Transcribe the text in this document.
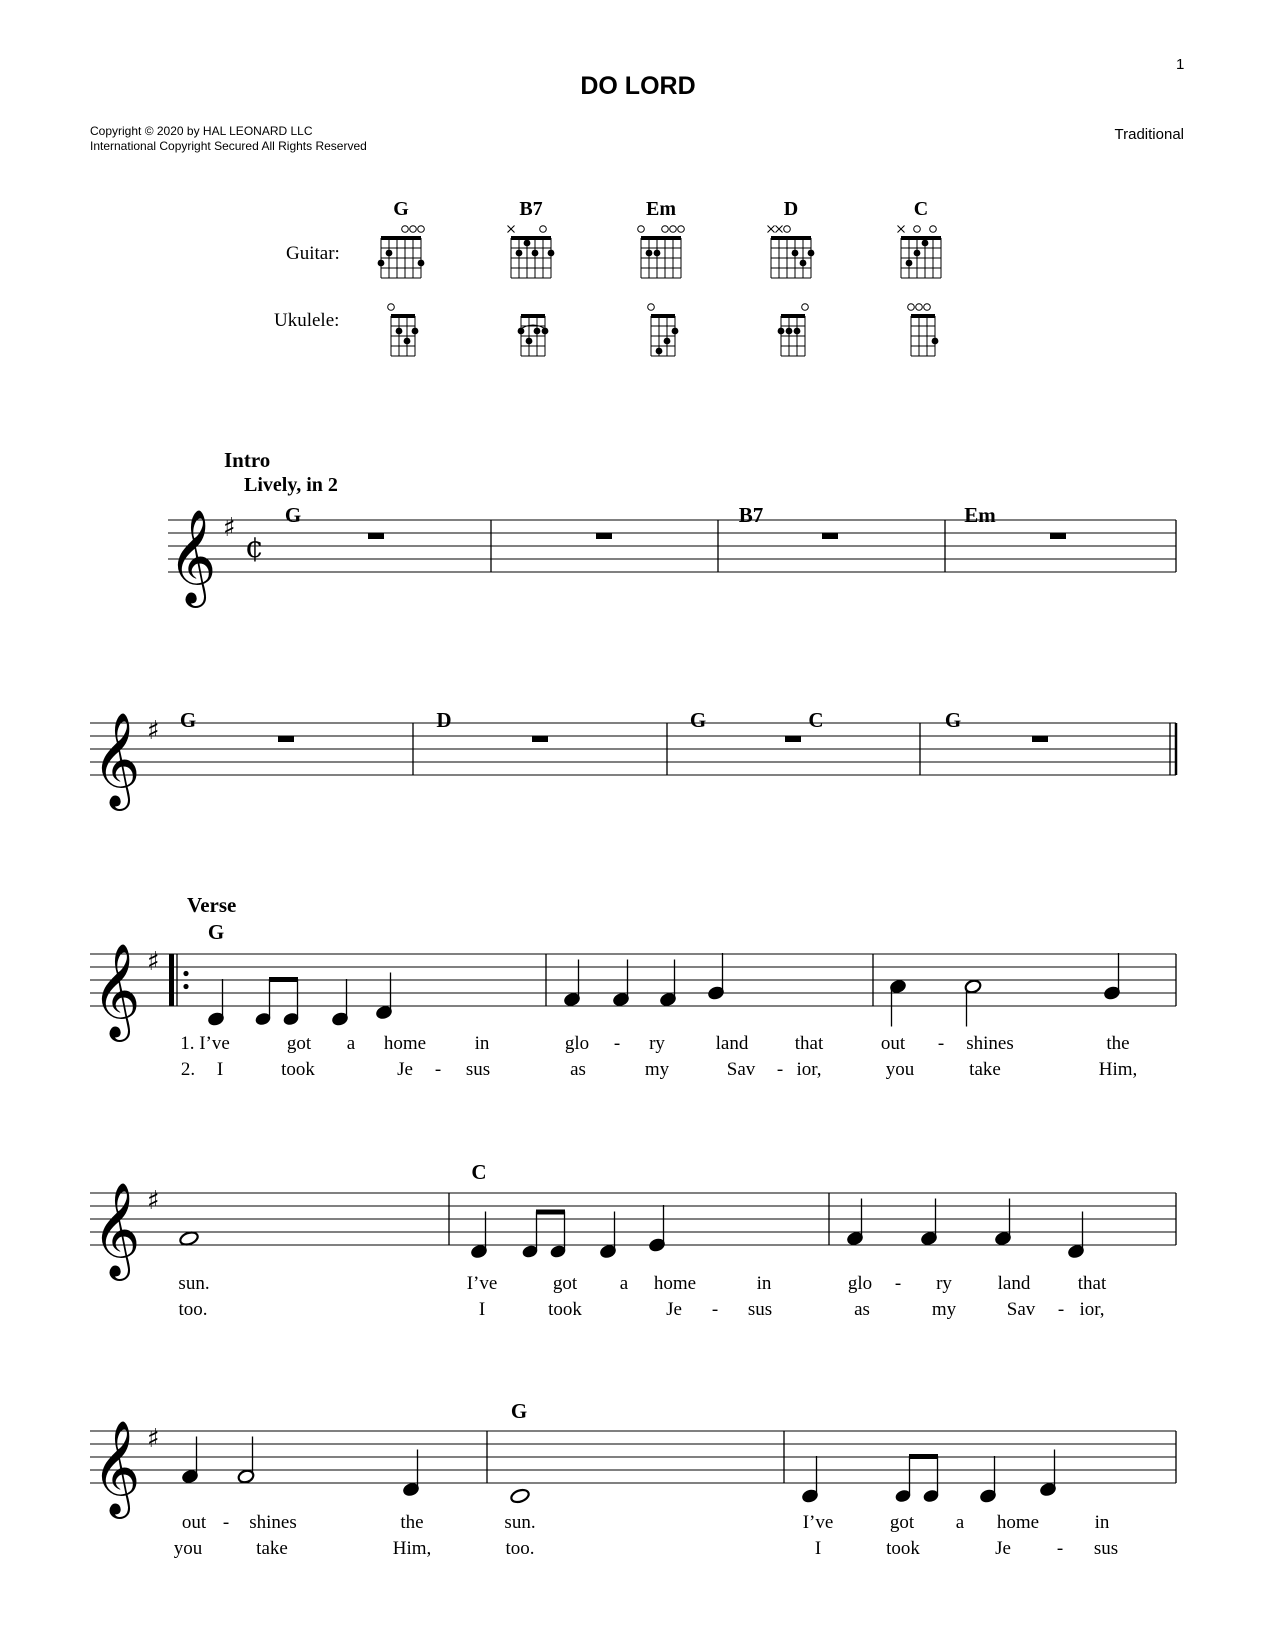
1
DO LORD
Copyright © 2020 by HAL LEONARD LLC
International Copyright Secured All Rights Reserved
Traditional
Guitar:
Ukulele:
G	B7	Em	D	C
Intro
Lively, in 2
Verse
G	B7	Em
G	D	G	C	G
G
C
G
1. I’ve	got	a	home	in	glo	-	ry	land	that	out	-	shines	the
2.	I	took	Je	-	sus	as	my	Sav	- ior,	you	take	Him,
sun.	I’ve	got	a	home	in	glo	-	ry	land	that
too.	I	took	Je	-	sus	as	my	Sav	- ior,
out -	shines	the	sun.	I’ve	got	a	home	in
you	take	Him,	too.	I	took	Je	-	sus
𝄞 ♯
¢
𝄞 ♯
𝄞 ♯
𝄞 ♯
𝄞 ♯
